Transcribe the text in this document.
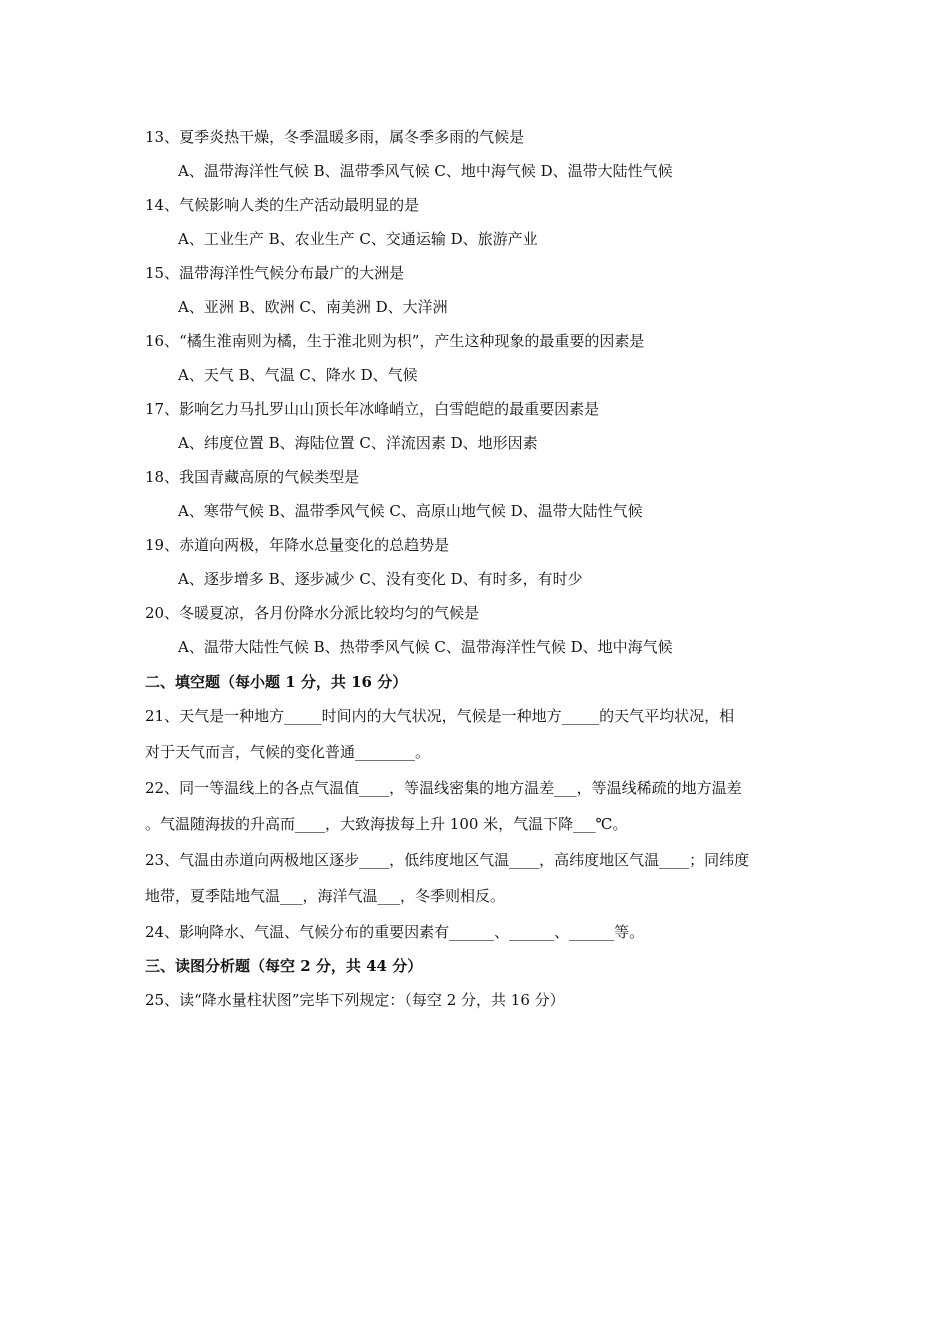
13、夏季炎热干燥，冬季温暖多雨，属冬季多雨的气候是
A、温带海洋性气候 B、温带季风气候 C、地中海气候 D、温带大陆性气候
14、气候影响人类的生产活动最明显的是
A、工业生产 B、农业生产 C、交通运输 D、旅游产业
15、温带海洋性气候分布最广的大洲是
A、亚洲 B、欧洲 C、南美洲 D、大洋洲
16、“橘生淮南则为橘，生于淮北则为枳”，产生这种现象的最重要的因素是
A、天气 B、气温 C、降水 D、气候
17、影响乞力马扎罗山山顶长年冰峰峭立，白雪皑皑的最重要因素是
A、纬度位置 B、海陆位置 C、洋流因素 D、地形因素
18、我国青藏高原的气候类型是
A、寒带气候 B、温带季风气候 C、高原山地气候 D、温带大陆性气候
19、赤道向两极，年降水总量变化的总趋势是
A、逐步增多 B、逐步减少 C、没有变化 D、有时多，有时少
20、冬暖夏凉，各月份降水分派比较均匀的气候是
A、温带大陆性气候 B、热带季风气候 C、温带海洋性气候 D、地中海气候
二、填空题（每小题 1 分，共 16 分）
21、天气是一种地方_____时间内的大气状况，气候是一种地方_____的天气平均状况，相
对于天气而言，气候的变化普通________。
22、同一等温线上的各点气温值____，等温线密集的地方温差___，等温线稀疏的地方温差
。气温随海拔的升高而____，大致海拔每上升 100 米，气温下降___℃。
23、气温由赤道向两极地区逐步____，低纬度地区气温____，高纬度地区气温____；同纬度
地带，夏季陆地气温___，海洋气温___，冬季则相反。
24、影响降水、气温、气候分布的重要因素有______、______、______等。
三、读图分析题（每空 2 分，共 44 分）
25、读“降水量柱状图”完毕下列规定：（每空 2 分，共 16 分）
